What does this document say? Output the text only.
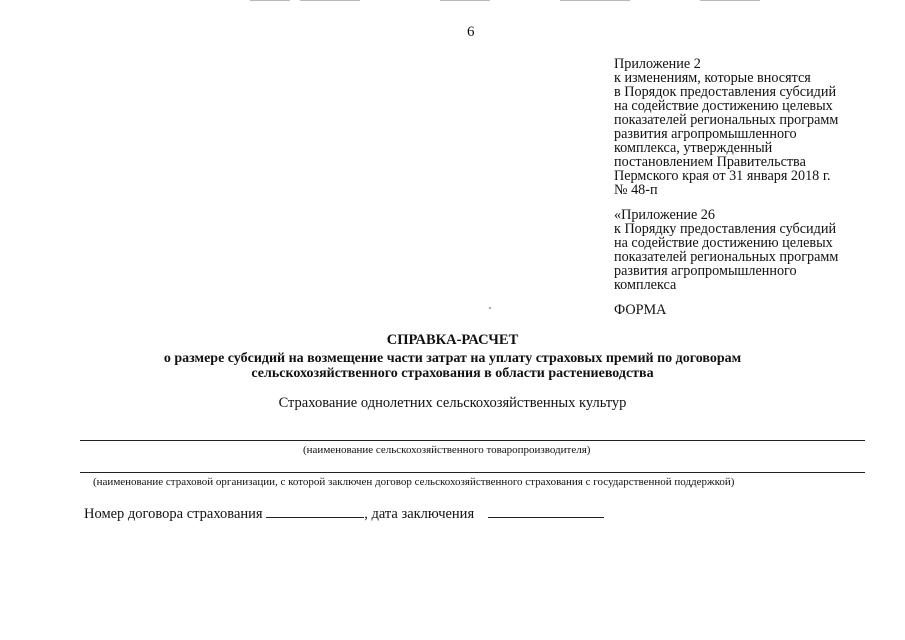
6
Приложение 2
к изменениям, которые вносятся
в Порядок предоставления субсидий
на содействие достижению целевых
показателей региональных программ
развития агропромышленного
комплекса, утвержденный
постановлением Правительства
Пермского края от 31 января 2018 г.
№ 48-п
«Приложение 26
к Порядку предоставления субсидий
на содействие достижению целевых
показателей региональных программ
развития агропромышленного
комплекса
ФОРМА
СПРАВКА-РАСЧЕТ
о размере субсидий на возмещение части затрат на уплату страховых премий по договорам
сельскохозяйственного страхования в области растениеводства
Страхование однолетних сельскохозяйственных культур
(наименование сельскохозяйственного товаропроизводителя)
(наименование страховой организации, с которой заключен договор сельскохозяйственного страхования с государственной поддержкой)
Номер договора страхования	, дата заключения
